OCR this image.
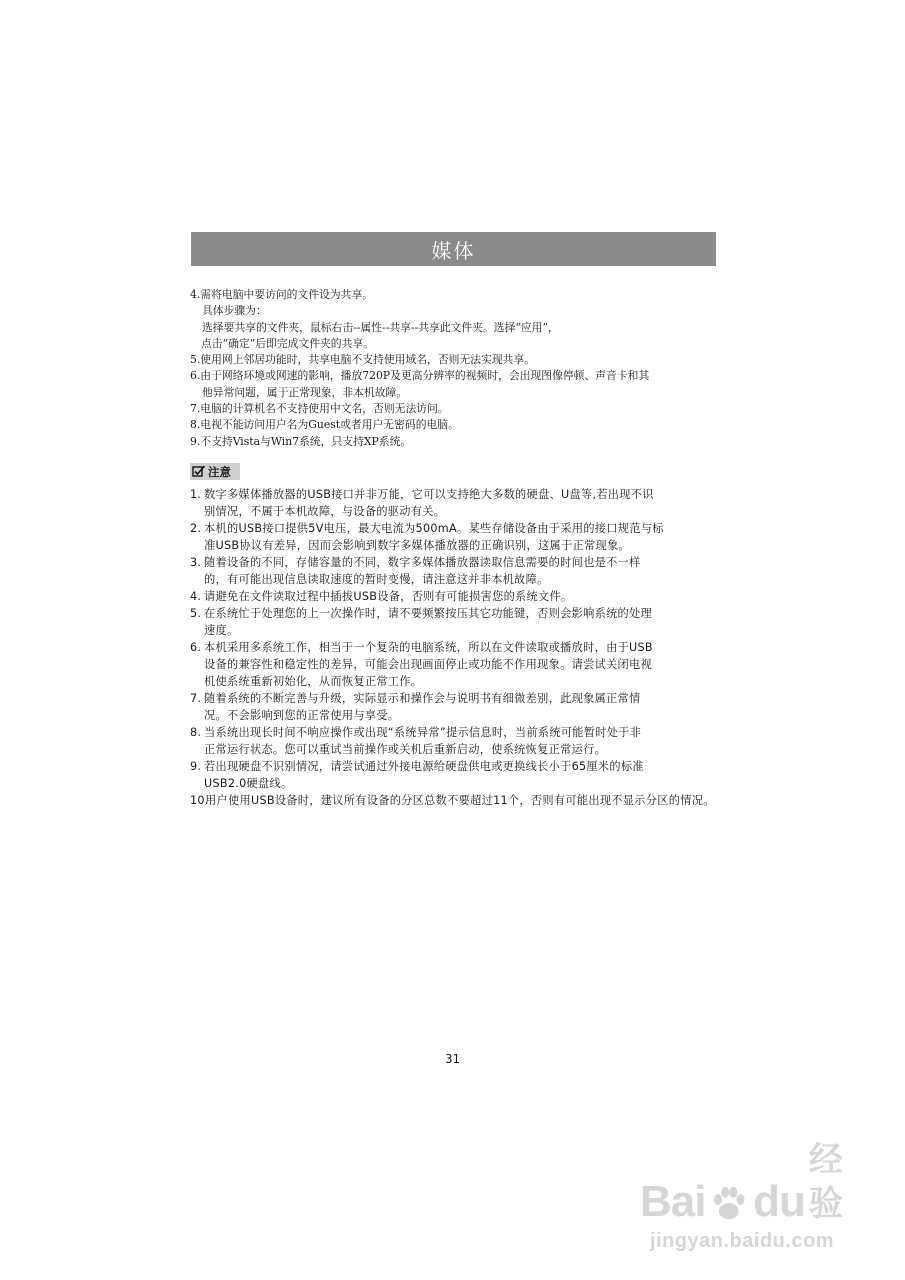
媒体
4.需将电脑中要访问的文件设为共享。
具体步骤为：
选择要共享的文件夹，鼠标右击--属性--共享--共享此文件夹。选择“应用”，
点击“确定”后即完成文件夹的共享。
5.使用网上邻居功能时，共享电脑不支持使用域名，否则无法实现共享。
6.由于网络环境或网速的影响，播放720P及更高分辨率的视频时，会出现图像停顿、声音卡和其
他异常问题，属于正常现象，非本机故障。
7.电脑的计算机名不支持使用中文名，否则无法访问。
8.电视不能访问用户名为Guest或者用户无密码的电脑。
9.不支持Vista与Win7系统，只支持XP系统。
注意
1. 数字多媒体播放器的USB接口并非万能，它可以支持绝大多数的硬盘、U盘等,若出现不识
别情况，不属于本机故障，与设备的驱动有关。
2. 本机的USB接口提供5V电压，最大电流为500mA。某些存储设备由于采用的接口规范与标
准USB协议有差异，因而会影响到数字多媒体播放器的正确识别，这属于正常现象。
3. 随着设备的不同，存储容量的不同，数字多媒体播放器读取信息需要的时间也是不一样
的，有可能出现信息读取速度的暂时变慢，请注意这并非本机故障。
4. 请避免在文件读取过程中插拔USB设备，否则有可能损害您的系统文件。
5. 在系统忙于处理您的上一次操作时，请不要频繁按压其它功能键，否则会影响系统的处理
速度。
6. 本机采用多系统工作，相当于一个复杂的电脑系统，所以在文件读取或播放时，由于USB
设备的兼容性和稳定性的差异，可能会出现画面停止或功能不作用现象。请尝试关闭电视
机使系统重新初始化，从而恢复正常工作。
7. 随着系统的不断完善与升级，实际显示和操作会与说明书有细微差别，此现象属正常情
况。不会影响到您的正常使用与享受。
8. 当系统出现长时间不响应操作或出现“系统异常”提示信息时，当前系统可能暂时处于非
正常运行状态。您可以重试当前操作或关机后重新启动，使系统恢复正常运行。
9. 若出现硬盘不识别情况，请尝试通过外接电源给硬盘供电或更换线长小于65厘米的标准
USB2.0硬盘线。
10.
用户使用USB设备时，建议所有设备的分区总数不要超过11个，否则有可能出现不显示分区的情况。
31
Bai du
经验
jingyan.baidu.com
